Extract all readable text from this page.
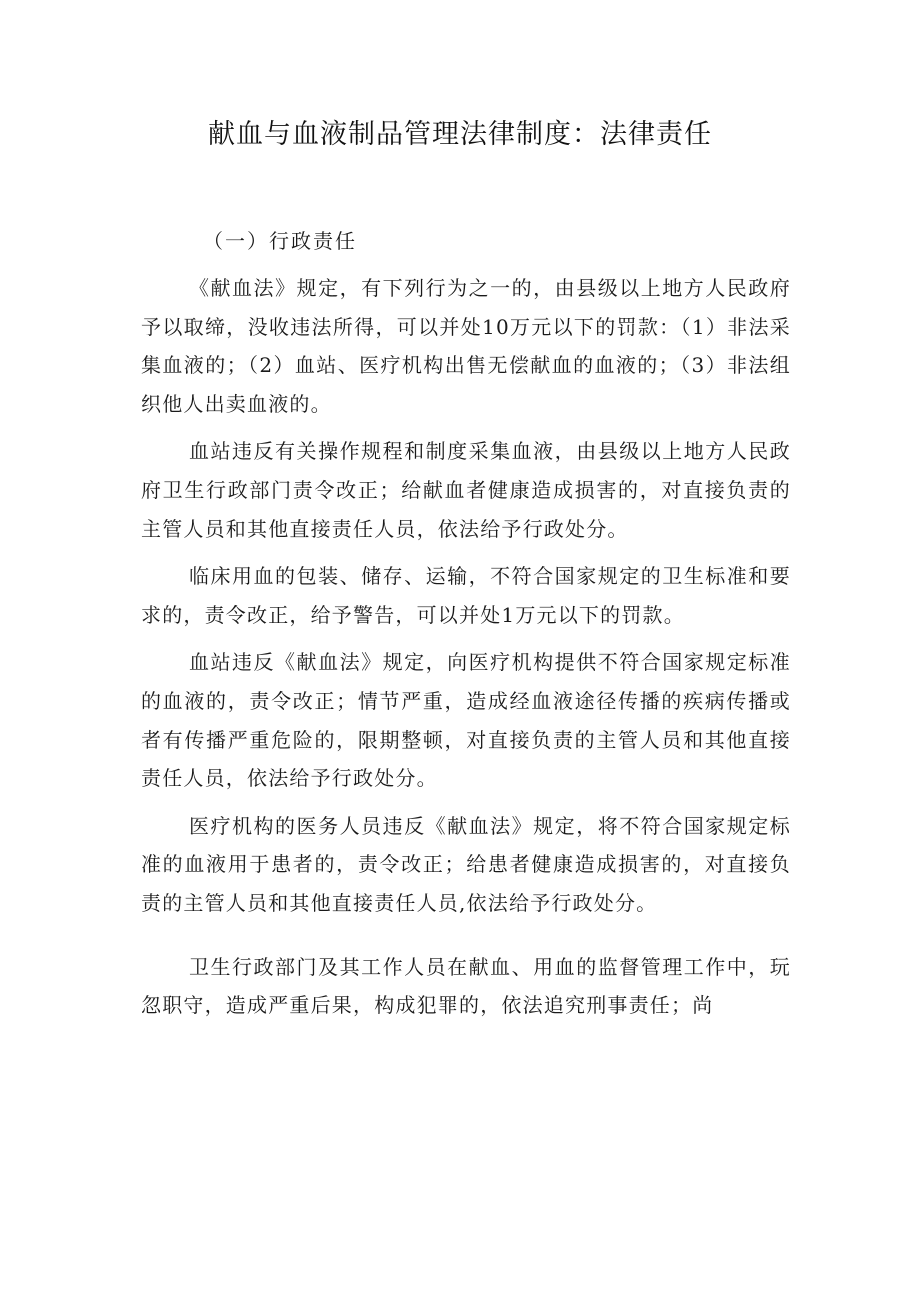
献血与血液制品管理法律制度：法律责任

（一）行政责任

《献血法》规定，有下列行为之一的，由县级以上地方人民政府予以取缔，没收违法所得，可以并处10万元以下的罚款：（1）非法采集血液的；（2）血站、医疗机构出售无偿献血的血液的；（3）非法组织他人出卖血液的。

血站违反有关操作规程和制度采集血液，由县级以上地方人民政府卫生行政部门责令改正；给献血者健康造成损害的，对直接负责的主管人员和其他直接责任人员，依法给予行政处分。

临床用血的包装、储存、运输，不符合国家规定的卫生标准和要求的，责令改正，给予警告，可以并处1万元以下的罚款。

血站违反《献血法》规定，向医疗机构提供不符合国家规定标准的血液的，责令改正；情节严重，造成经血液途径传播的疾病传播或者有传播严重危险的，限期整顿，对直接负责的主管人员和其他直接责任人员，依法给予行政处分。

医疗机构的医务人员违反《献血法》规定，将不符合国家规定标准的血液用于患者的，责令改正；给患者健康造成损害的，对直接负责的主管人员和其他直接责任人员,依法给予行政处分。

卫生行政部门及其工作人员在献血、用血的监督管理工作中，玩忽职守，造成严重后果，构成犯罪的，依法追究刑事责任；尚
